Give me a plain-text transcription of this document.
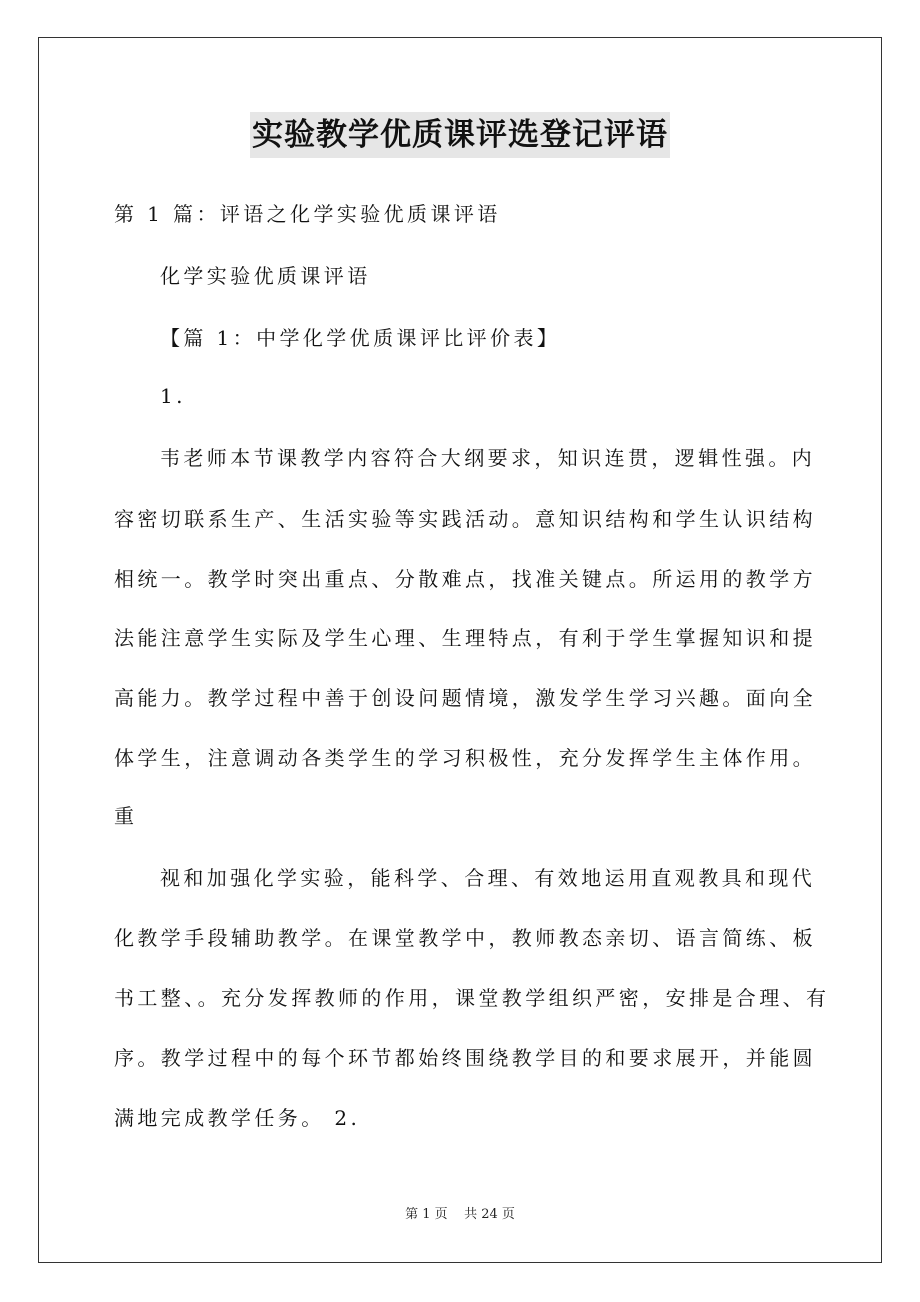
实验教学优质课评选登记评语
第 1 篇：评语之化学实验优质课评语
化学实验优质课评语
【篇 1：中学化学优质课评比评价表】
1.
韦老师本节课教学内容符合大纲要求，知识连贯，逻辑性强。内
容密切联系生产、生活实验等实践活动。意知识结构和学生认识结构
相统一。教学时突出重点、分散难点，找准关键点。所运用的教学方
法能注意学生实际及学生心理、生理特点，有利于学生掌握知识和提
高能力。教学过程中善于创设问题情境，激发学生学习兴趣。面向全
体学生，注意调动各类学生的学习积极性，充分发挥学生主体作用。
重
视和加强化学实验，能科学、合理、有效地运用直观教具和现代
化教学手段辅助教学。在课堂教学中，教师教态亲切、语言简练、板
书工整、。充分发挥教师的作用，课堂教学组织严密，安排是合理、有
序。教学过程中的每个环节都始终围绕教学目的和要求展开，并能圆
满地完成教学任务。 2.
第 1 页    共 24 页
